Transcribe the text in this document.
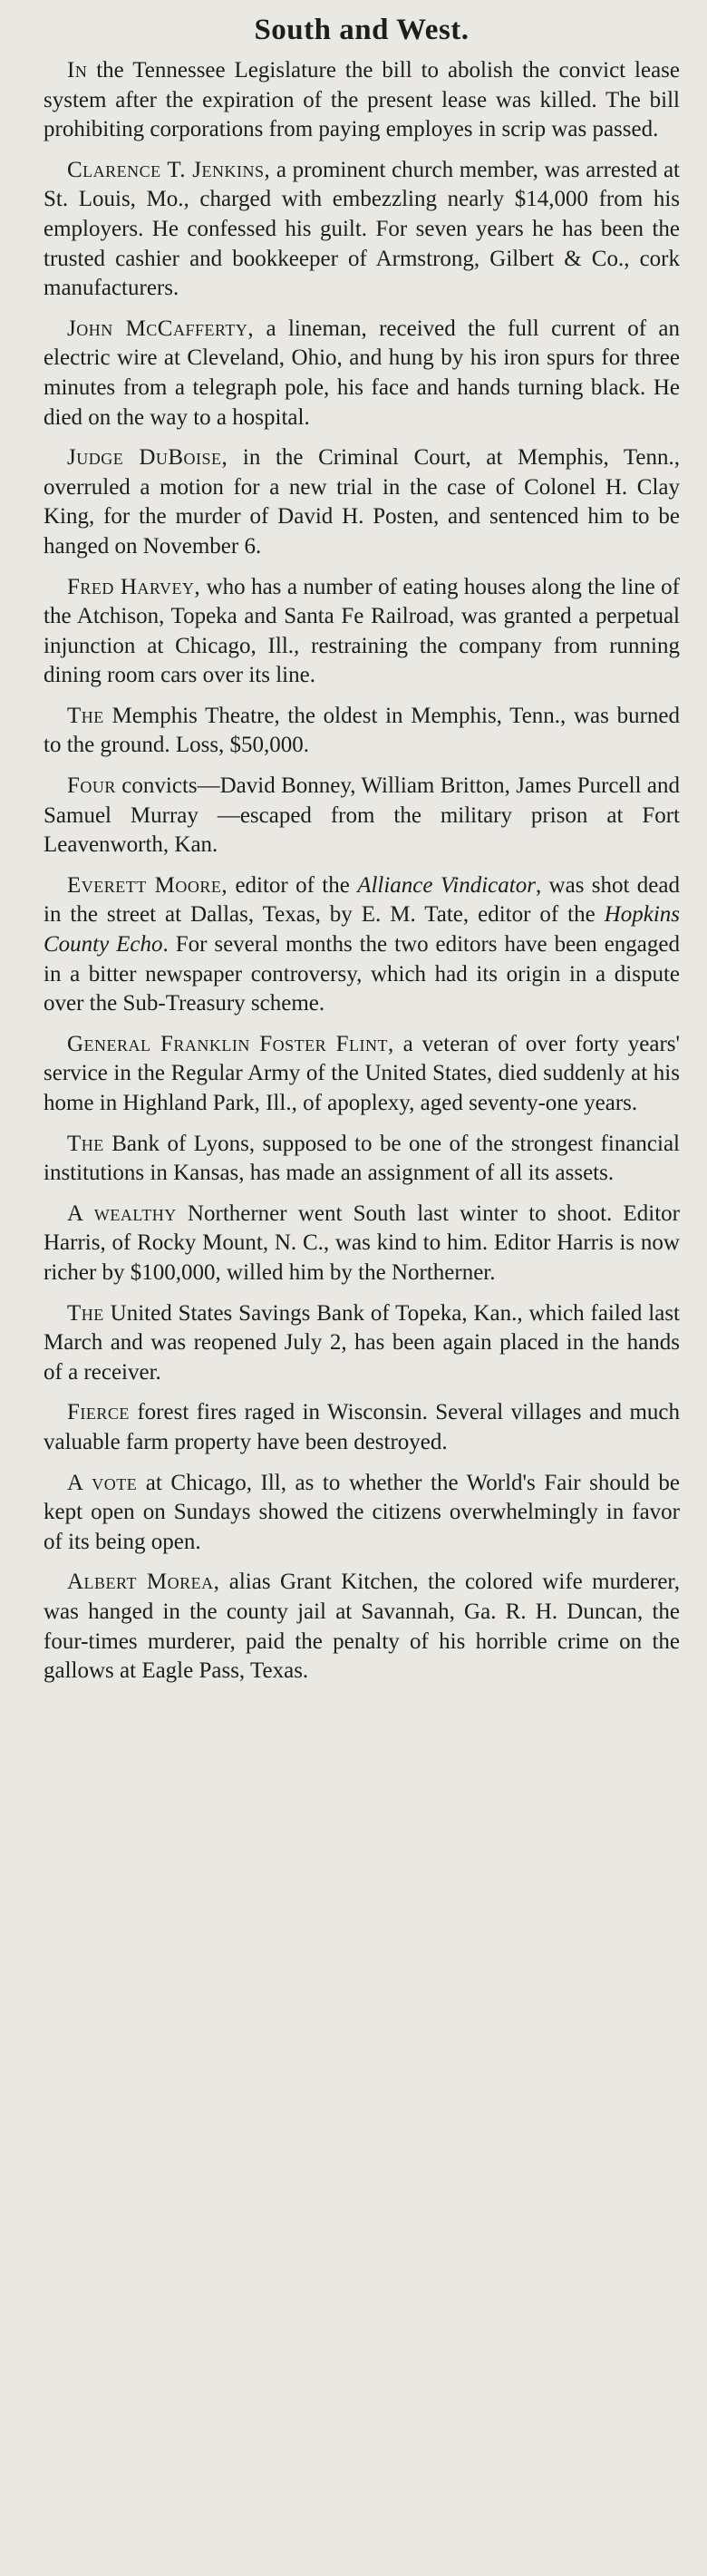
South and West.

In the Tennessee Legislature the bill to abolish the convict lease system after the expiration of the present lease was killed. The bill prohibiting corporations from paying employes in scrip was passed.

Clarence T. Jenkins, a prominent church member, was arrested at St. Louis, Mo., charged with embezzling nearly $14,000 from his employers. He confessed his guilt. For seven years he has been the trusted cashier and bookkeeper of Armstrong, Gilbert & Co., cork manufacturers.

John McCafferty, a lineman, received the full current of an electric wire at Cleveland, Ohio, and hung by his iron spurs for three minutes from a telegraph pole, his face and hands turning black. He died on the way to a hospital.

Judge DuBoise, in the Criminal Court, at Memphis, Tenn., overruled a motion for a new trial in the case of Colonel H. Clay King, for the murder of David H. Posten, and sentenced him to be hanged on November 6.

Fred Harvey, who has a number of eating houses along the line of the Atchison, Topeka and Santa Fe Railroad, was granted a perpetual injunction at Chicago, Ill., restraining the company from running dining room cars over its line.

The Memphis Theatre, the oldest in Memphis, Tenn., was burned to the ground. Loss, $50,000.

Four convicts—David Bonney, William Britton, James Purcell and Samuel Murray —escaped from the military prison at Fort Leavenworth, Kan.

Everett Moore, editor of the Alliance Vindicator, was shot dead in the street at Dallas, Texas, by E. M. Tate, editor of the Hopkins County Echo. For several months the two editors have been engaged in a bitter newspaper controversy, which had its origin in a dispute over the Sub-Treasury scheme.

General Franklin Foster Flint, a veteran of over forty years' service in the Regular Army of the United States, died suddenly at his home in Highland Park, Ill., of apoplexy, aged seventy-one years.

The Bank of Lyons, supposed to be one of the strongest financial institutions in Kansas, has made an assignment of all its assets.

A wealthy Northerner went South last winter to shoot. Editor Harris, of Rocky Mount, N. C., was kind to him. Editor Harris is now richer by $100,000, willed him by the Northerner.

The United States Savings Bank of Topeka, Kan., which failed last March and was reopened July 2, has been again placed in the hands of a receiver.

Fierce forest fires raged in Wisconsin. Several villages and much valuable farm property have been destroyed.

A vote at Chicago, Ill, as to whether the World's Fair should be kept open on Sundays showed the citizens overwhelmingly in favor of its being open.

Albert Morea, alias Grant Kitchen, the colored wife murderer, was hanged in the county jail at Savannah, Ga. R. H. Duncan, the four-times murderer, paid the penalty of his horrible crime on the gallows at Eagle Pass, Texas.
